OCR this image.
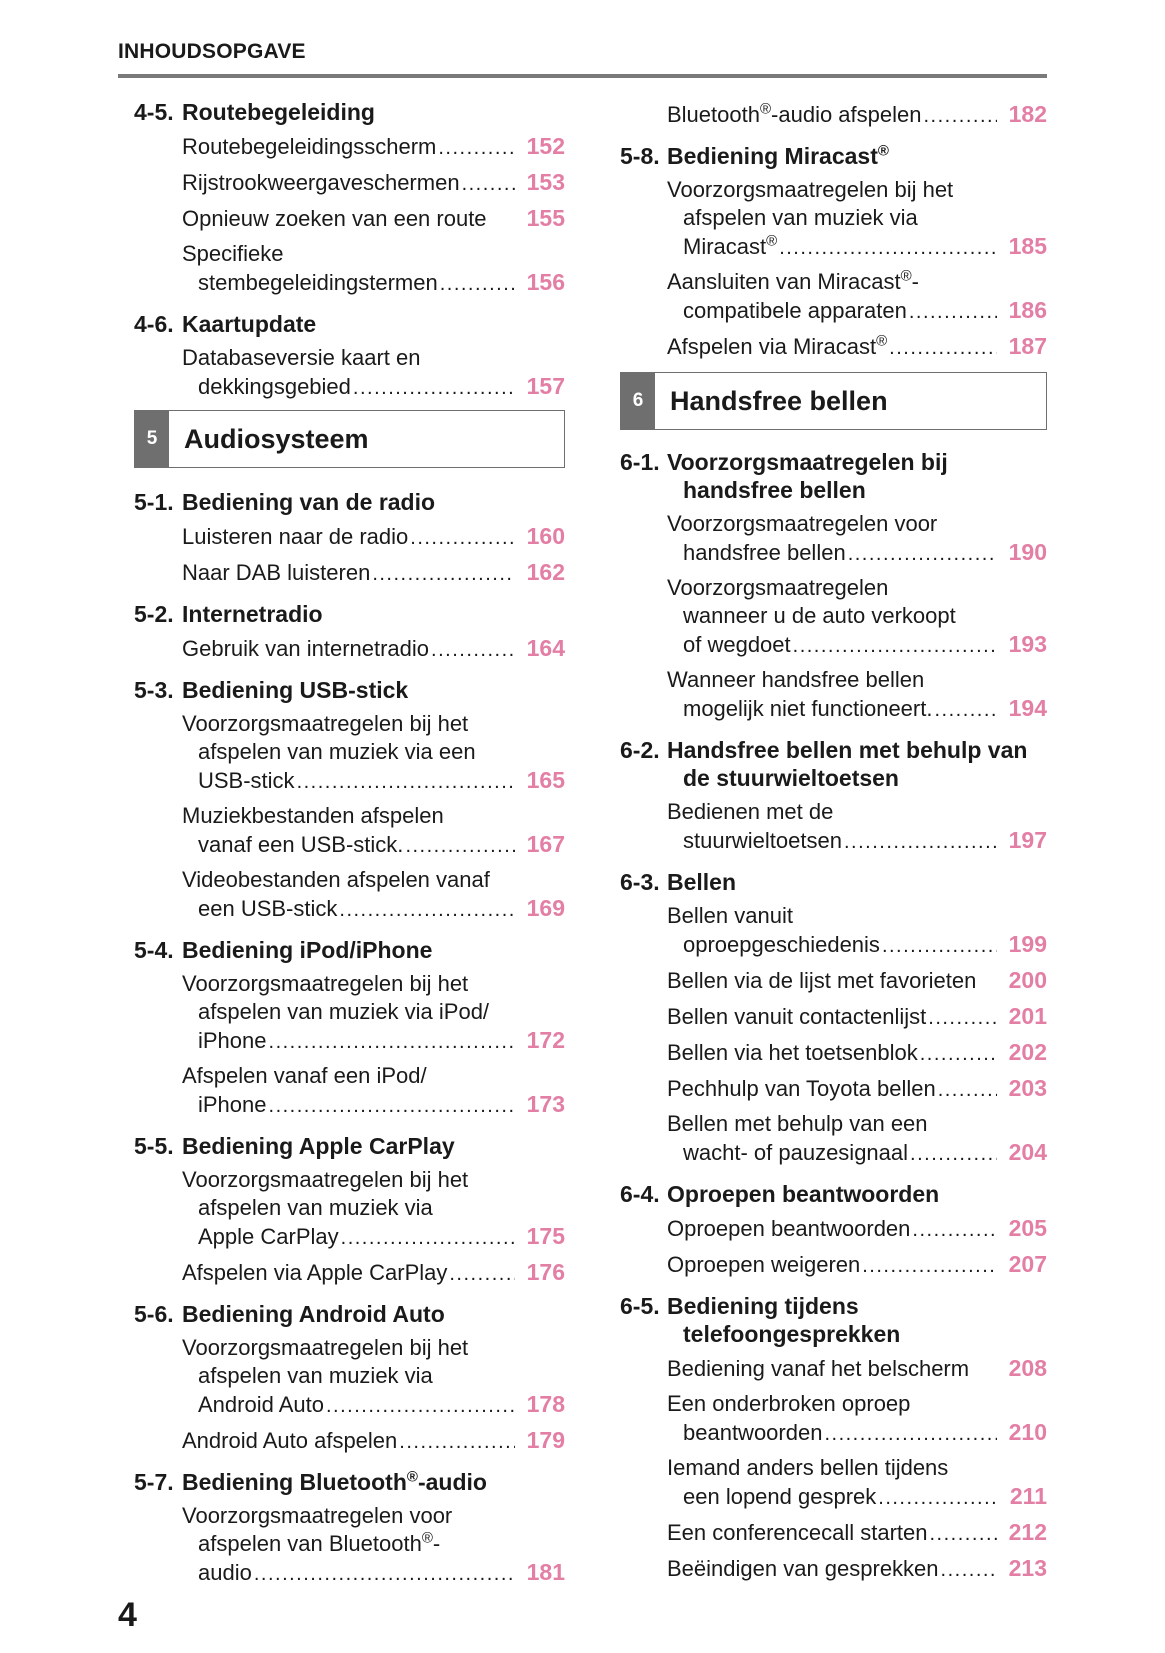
INHOUDSOPGAVE
4-5. Routebegeleiding
Routebegeleidingsscherm .....	152
Rijstrookweergaveschermen .....	153
Opnieuw zoeken van een route	155
Specifieke
stembegeleidingstermen .....	156
4-6. Kaartupdate
Databaseversie kaart en
dekkingsgebied .....	157
5 Audiosysteem
5-1. Bediening van de radio
Luisteren naar de radio .....	160
Naar DAB luisteren .....	162
5-2. Internetradio
Gebruik van internetradio .....	164
5-3. Bediening USB-stick
Voorzorgsmaatregelen bij het
afspelen van muziek via een
USB-stick .....	165
Muziekbestanden afspelen
vanaf een USB-stick. .....	167
Videobestanden afspelen vanaf
een USB-stick .....	169
5-4. Bediening iPod/iPhone
Voorzorgsmaatregelen bij het
afspelen van muziek via iPod/
iPhone .....	172
Afspelen vanaf een iPod/
iPhone .....	173
5-5. Bediening Apple CarPlay
Voorzorgsmaatregelen bij het
afspelen van muziek via
Apple CarPlay .....	175
Afspelen via Apple CarPlay .....	176
5-6. Bediening Android Auto
Voorzorgsmaatregelen bij het
afspelen van muziek via
Android Auto .....	178
Android Auto afspelen .....	179
5-7. Bediening Bluetooth®-audio
Voorzorgsmaatregelen voor
afspelen van Bluetooth®-
audio .....	181
Bluetooth®-audio afspelen .....	182
5-8. Bediening Miracast®
Voorzorgsmaatregelen bij het
afspelen van muziek via
Miracast® .....	185
Aansluiten van Miracast®-
compatibele apparaten .....	186
Afspelen via Miracast® .....	187
6 Handsfree bellen
6-1. Voorzorgsmaatregelen bij
handsfree bellen
Voorzorgsmaatregelen voor
handsfree bellen .....	190
Voorzorgsmaatregelen
wanneer u de auto verkoopt
of wegdoet .....	193
Wanneer handsfree bellen
mogelijk niet functioneert. .....	194
6-2. Handsfree bellen met behulp van
de stuurwieltoetsen
Bedienen met de
stuurwieltoetsen .....	197
6-3. Bellen
Bellen vanuit
oproepgeschiedenis .....	199
Bellen via de lijst met favorieten	200
Bellen vanuit contactenlijst .....	201
Bellen via het toetsenblok .....	202
Pechhulp van Toyota bellen .....	203
Bellen met behulp van een
wacht- of pauzesignaal .....	204
6-4. Oproepen beantwoorden
Oproepen beantwoorden .....	205
Oproepen weigeren .....	207
6-5. Bediening tijdens
telefoongesprekken
Bediening vanaf het belscherm	208
Een onderbroken oproep
beantwoorden .....	210
Iemand anders bellen tijdens
een lopend gesprek .....	211
Een conferencecall starten .....	212
Beëindigen van gesprekken .....	213
4
